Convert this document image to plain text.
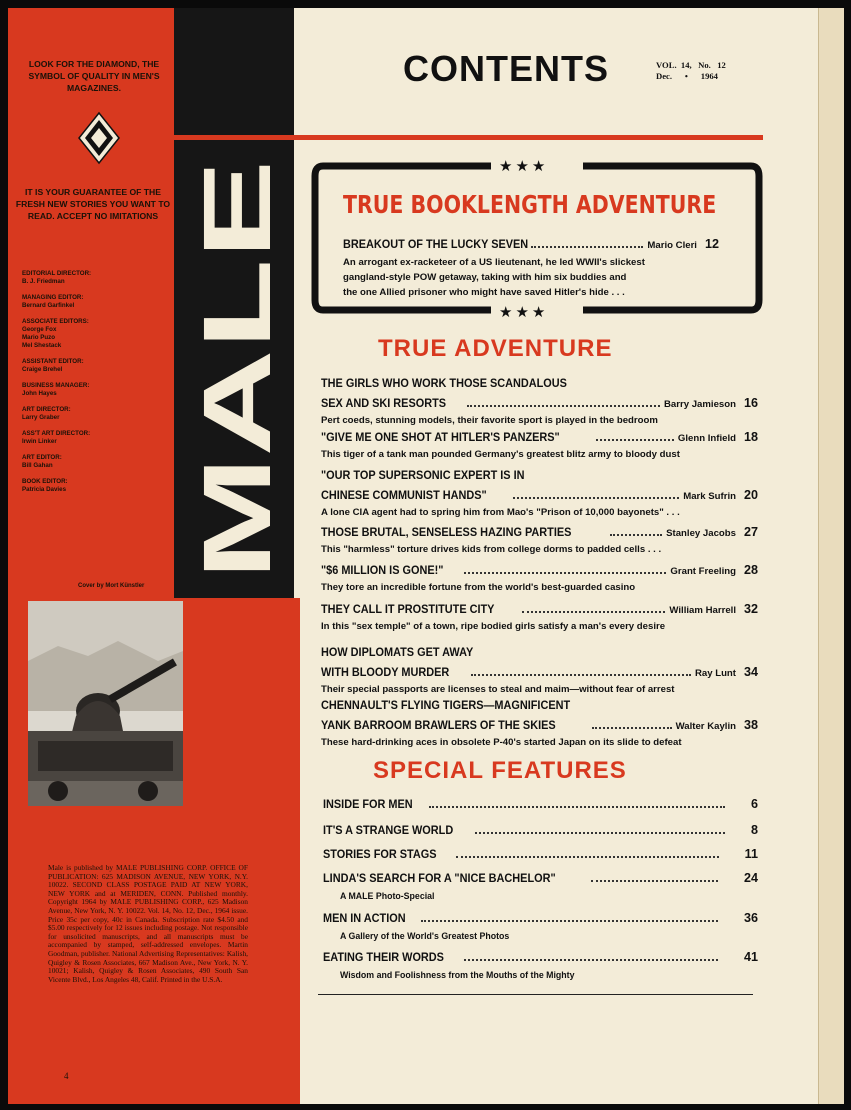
LOOK FOR THE DIAMOND, THE SYMBOL OF QUALITY IN MEN'S MAGAZINES.
IT IS YOUR GUARANTEE OF THE FRESH NEW STORIES YOU WANT TO READ. ACCEPT NO IMITATIONS
EDITORIAL DIRECTOR:
B. J. Friedman
MANAGING EDITOR:
Bernard Garfinkel
ASSOCIATE EDITORS:
George Fox
Mario Puzo
Mel Shestack
ASSISTANT EDITOR:
Craige Brehel
BUSINESS MANAGER:
John Hayes
ART DIRECTOR:
Larry Graber
ASS'T ART DIRECTOR:
Irwin Linker
ART EDITOR:
Bill Gahan
BOOK EDITOR:
Patricia Davies
Cover by Mort Künstler
Male is published by MALE PUBLISHING CORP. OFFICE OF PUBLICATION: 625 MADISON AVENUE, NEW YORK, N.Y. 10022. SECOND CLASS POSTAGE PAID AT NEW YORK, NEW YORK and at MERIDEN, CONN. Published monthly. Copyright 1964 by MALE PUBLISHING CORP., 625 Madison Avenue, New York, N. Y. 10022. Vol. 14, No. 12, Dec., 1964 issue. Price 35c per copy, 40c in Canada. Subscription rate $4.50 and $5.00 respectively for 12 issues including postage. Not responsible for unsolicited manuscripts, and all manuscripts must be accompanied by stamped, self-addressed envelopes. Martin Goodman, publisher. National Advertising Representatives: Kalish, Quigley & Rosen Associates, 667 Madison Ave., New York, N. Y. 10021; Kalish, Quigley & Rosen Associates, 490 South San Vicente Blvd., Los Angeles 48, Calif. Printed in the U.S.A.
4
MALE
CONTENTS	VOL. 14, No. 12
Dec. • 1964
★★★
★★★
TRUE BOOKLENGTH ADVENTURE
BREAKOUT OF THE LUCKY SEVEN	Mario Cleri 12
An arrogant ex-racketeer of a US lieutenant, he led WWII's slickest
gangland-style POW getaway, taking with him six buddies and
the one Allied prisoner who might have saved Hitler's hide . . .
TRUE ADVENTURE
THE GIRLS WHO WORK THOSE SCANDALOUS
SEX AND SKI RESORTS	Barry Jamieson 16
Pert coeds, stunning models, their favorite sport is played in the bedroom
"GIVE ME ONE SHOT AT HITLER'S PANZERS"	Glenn Infield 18
This tiger of a tank man pounded Germany's greatest blitz army to bloody dust
"OUR TOP SUPERSONIC EXPERT IS IN
CHINESE COMMUNIST HANDS"	Mark Sufrin 20
A lone CIA agent had to spring him from Mao's "Prison of 10,000 bayonets" . . .
THOSE BRUTAL, SENSELESS HAZING PARTIES	Stanley Jacobs 27
This "harmless" torture drives kids from college dorms to padded cells . . .
"$6 MILLION IS GONE!"	Grant Freeling 28
They tore an incredible fortune from the world's best-guarded casino
THEY CALL IT PROSTITUTE CITY	William Harrell 32
In this "sex temple" of a town, ripe bodied girls satisfy a man's every desire
HOW DIPLOMATS GET AWAY
WITH BLOODY MURDER	Ray Lunt 34
Their special passports are licenses to steal and maim—without fear of arrest
CHENNAULT'S FLYING TIGERS—MAGNIFICENT
YANK BARROOM BRAWLERS OF THE SKIES	Walter Kaylin 38
These hard-drinking aces in obsolete P-40's started Japan on its slide to defeat
SPECIAL FEATURES
INSIDE FOR MEN	6
IT'S A STRANGE WORLD	8
STORIES FOR STAGS	11
LINDA'S SEARCH FOR A "NICE BACHELOR"	24
A MALE Photo-Special
MEN IN ACTION	36
A Gallery of the World's Greatest Photos
EATING THEIR WORDS	41
Wisdom and Foolishness from the Mouths of the Mighty
